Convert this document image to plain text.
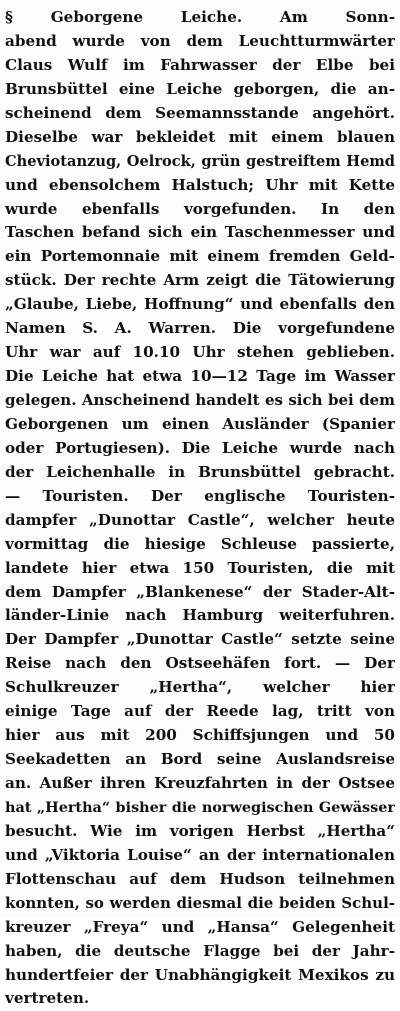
§ Geborgene Leiche. Am Sonn-
abend wurde von dem Leuchtturmwärter
Claus Wulf im Fahrwasser der Elbe bei
Brunsbüttel eine Leiche geborgen, die an-
scheinend dem Seemannsstande angehört.
Dieselbe war bekleidet mit einem blauen
Cheviotanzug, Oelrock, grün gestreiftem Hemd
und ebensolchem Halstuch; Uhr mit Kette
wurde ebenfalls vorgefunden. In den
Taschen befand sich ein Taschenmesser und
ein Portemonnaie mit einem fremden Geld-
stück. Der rechte Arm zeigt die Tätowierung
„Glaube, Liebe, Hoffnung“ und ebenfalls den
Namen S. A. Warren. Die vorgefundene
Uhr war auf 10.10 Uhr stehen geblieben.
Die Leiche hat etwa 10—12 Tage im Wasser
gelegen. Anscheinend handelt es sich bei dem
Geborgenen um einen Ausländer (Spanier
oder Portugiesen). Die Leiche wurde nach
der Leichenhalle in Brunsbüttel gebracht.
— Touristen. Der englische Touristen-
dampfer „Dunottar Castle“, welcher heute
vormittag die hiesige Schleuse passierte,
landete hier etwa 150 Touristen, die mit
dem Dampfer „Blankenese“ der Stader-Alt-
länder-Linie nach Hamburg weiterfuhren.
Der Dampfer „Dunottar Castle“ setzte seine
Reise nach den Ostseehäfen fort. — Der
Schulkreuzer „Hertha“, welcher hier
einige Tage auf der Reede lag, tritt von
hier aus mit 200 Schiffsjungen und 50
Seekadetten an Bord seine Auslandsreise
an. Außer ihren Kreuzfahrten in der Ostsee
hat „Hertha“ bisher die norwegischen Gewässer
besucht. Wie im vorigen Herbst „Hertha“
und „Viktoria Louise“ an der internationalen
Flottenschau auf dem Hudson teilnehmen
konnten, so werden diesmal die beiden Schul-
kreuzer „Freya“ und „Hansa“ Gelegenheit
haben, die deutsche Flagge bei der Jahr-
hundertfeier der Unabhängigkeit Mexikos zu
vertreten.
